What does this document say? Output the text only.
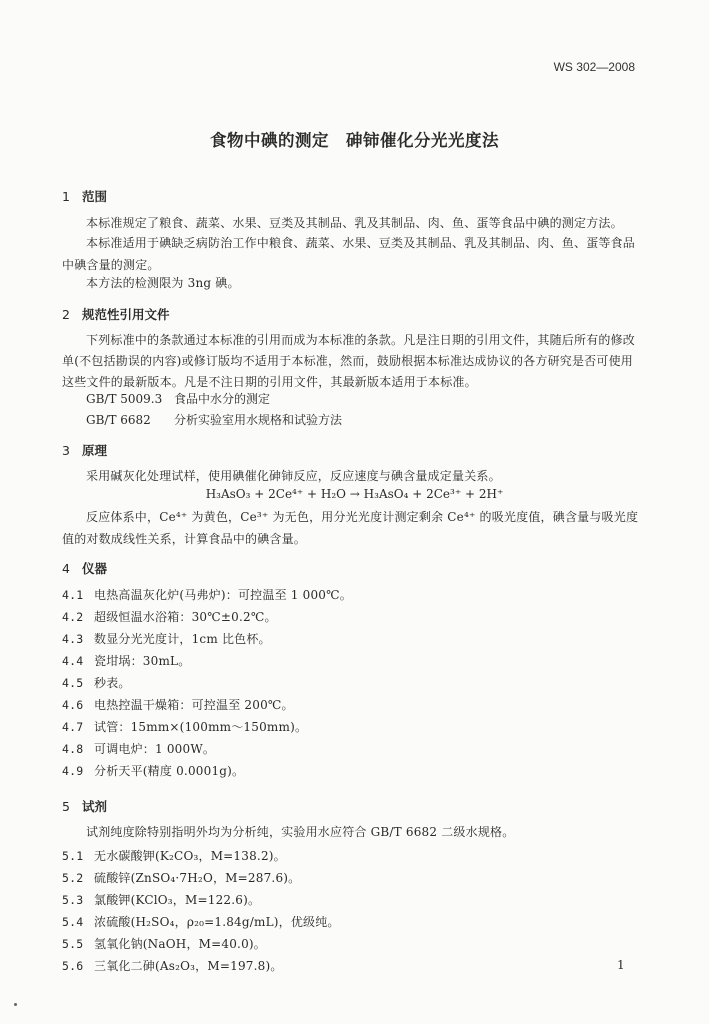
WS 302—2008
食物中碘的测定　砷铈催化分光光度法
1 范围
本标准规定了粮食、蔬菜、水果、豆类及其制品、乳及其制品、肉、鱼、蛋等食品中碘的测定方法。
本标准适用于碘缺乏病防治工作中粮食、蔬菜、水果、豆类及其制品、乳及其制品、肉、鱼、蛋等食品中碘含量的测定。
本方法的检测限为 3ng 碘。
2 规范性引用文件
下列标准中的条款通过本标准的引用而成为本标准的条款。凡是注日期的引用文件，其随后所有的修改单(不包括勘误的内容)或修订版均不适用于本标准，然而，鼓励根据本标准达成协议的各方研究是否可使用这些文件的最新版本。凡是不注日期的引用文件，其最新版本适用于本标准。
GB/T 5009.3 食品中水分的测定
GB/T 6682 分析实验室用水规格和试验方法
3 原理
采用碱灰化处理试样，使用碘催化砷铈反应，反应速度与碘含量成定量关系。
H₃AsO₃ + 2Ce⁴⁺ + H₂O → H₃AsO₄ + 2Ce³⁺ + 2H⁺
反应体系中，Ce⁴⁺ 为黄色，Ce³⁺ 为无色，用分光光度计测定剩余 Ce⁴⁺ 的吸光度值，碘含量与吸光度值的对数成线性关系，计算食品中的碘含量。
4 仪器
4.1 电热高温灰化炉(马弗炉)：可控温至 1 000℃。
4.2 超级恒温水浴箱：30℃±0.2℃。
4.3 数显分光光度计，1cm 比色杯。
4.4 瓷坩埚：30mL。
4.5 秒表。
4.6 电热控温干燥箱：可控温至 200℃。
4.7 试管：15mm×(100mm～150mm)。
4.8 可调电炉：1 000W。
4.9 分析天平(精度 0.0001g)。
5 试剂
试剂纯度除特别指明外均为分析纯，实验用水应符合 GB/T 6682 二级水规格。
5.1 无水碳酸钾(K₂CO₃，M=138.2)。
5.2 硫酸锌(ZnSO₄·7H₂O，M=287.6)。
5.3 氯酸钾(KClO₃，M=122.6)。
5.4 浓硫酸(H₂SO₄，ρ₂₀=1.84g/mL)，优级纯。
5.5 氢氧化钠(NaOH，M=40.0)。
5.6 三氧化二砷(As₂O₃，M=197.8)。	1
